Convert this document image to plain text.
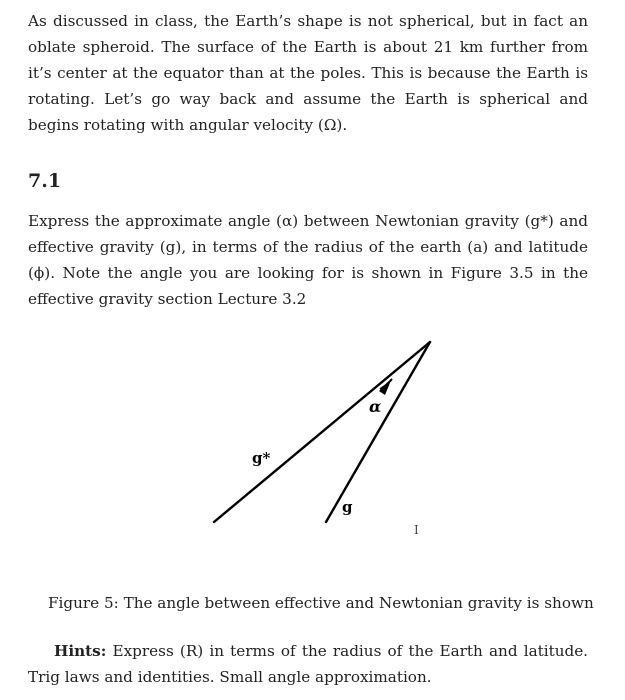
As discussed in class, the Earth’s shape is not spherical, but in fact an oblate spheroid. The surface of the Earth is about 21 km further from it’s center at the equator than at the poles. This is because the Earth is rotating. Let’s go way back and assume the Earth is spherical and begins rotating with angular velocity (Ω).

7.1

Express the approximate angle (α) between Newtonian gravity (g*) and effective gravity (g), in terms of the radius of the earth (a) and latitude (ϕ). Note the angle you are looking for is shown in Figure 3.5 in the effective gravity section Lecture 3.2

g*
g
α
I

Figure 5: The angle between effective and Newtonian gravity is shown

Hints: Express (R) in terms of the radius of the Earth and latitude. Trig laws and identities. Small angle approximation.
